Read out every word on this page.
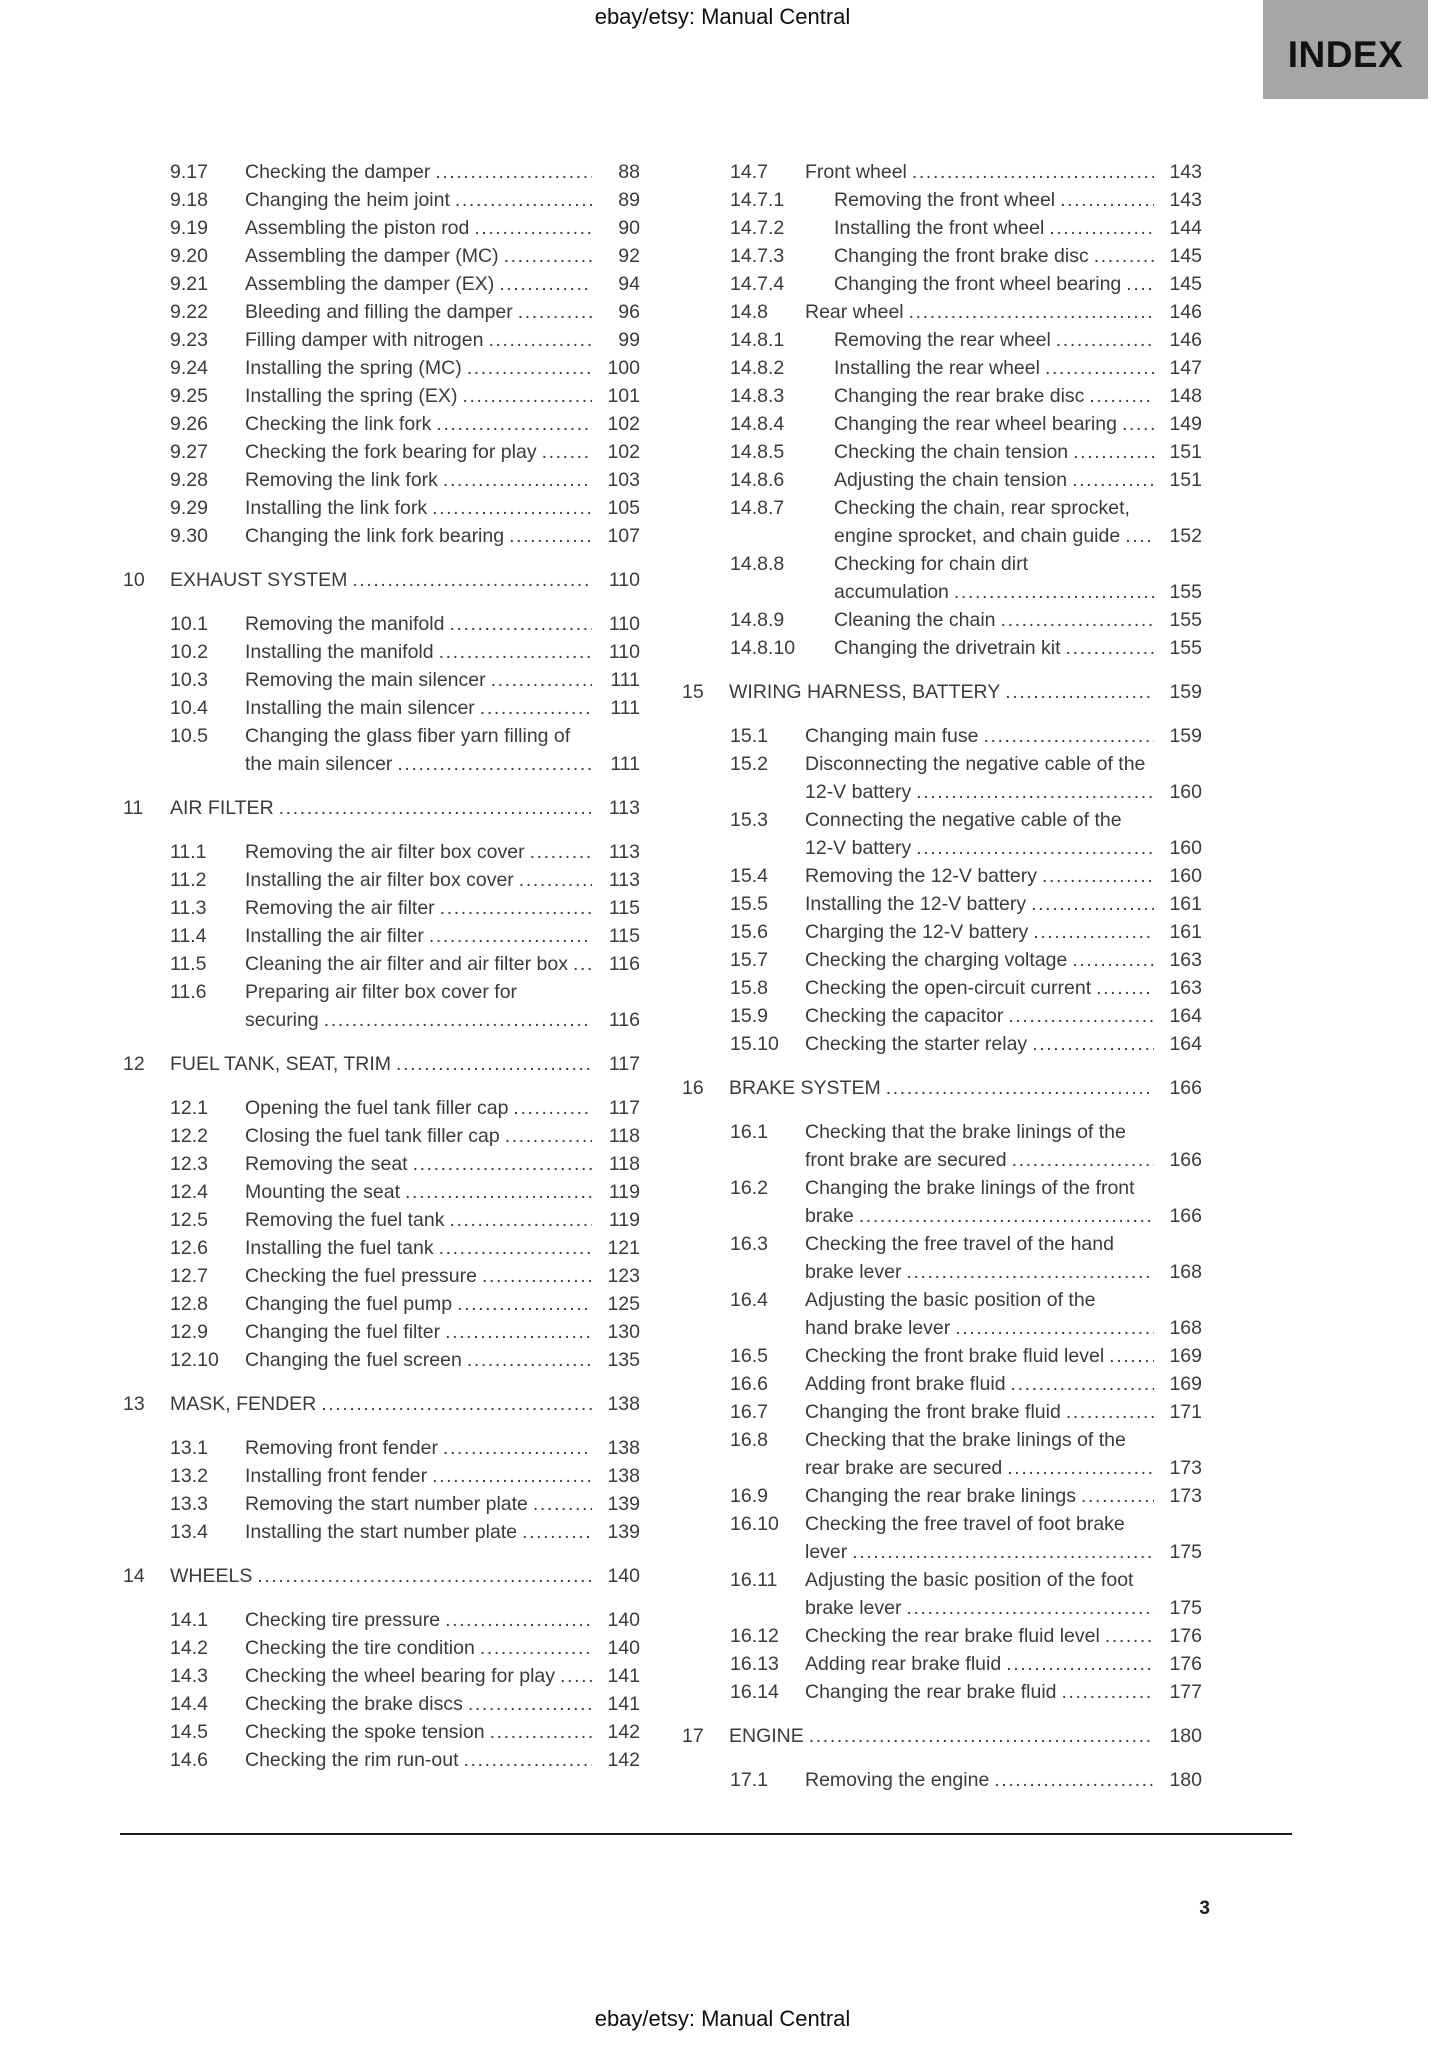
ebay/etsy: Manual Central
INDEX
9.17	Checking the damper .....	88
9.18	Changing the heim joint .....	89
9.19	Assembling the piston rod .....	90
9.20	Assembling the damper (MC) .....	92
9.21	Assembling the damper (EX) .....	94
9.22	Bleeding and filling the damper .....	96
9.23	Filling damper with nitrogen .....	99
9.24	Installing the spring (MC) .....	100
9.25	Installing the spring (EX) .....	101
9.26	Checking the link fork .....	102
9.27	Checking the fork bearing for play .....	102
9.28	Removing the link fork .....	103
9.29	Installing the link fork .....	105
9.30	Changing the link fork bearing .....	107
10	EXHAUST SYSTEM .....	110
10.1	Removing the manifold .....	110
10.2	Installing the manifold .....	110
10.3	Removing the main silencer .....	111
10.4	Installing the main silencer .....	111
10.5	Changing the glass fiber yarn filling of
the main silencer .....	111
11	AIR FILTER .....	113
11.1	Removing the air filter box cover .....	113
11.2	Installing the air filter box cover .....	113
11.3	Removing the air filter .....	115
11.4	Installing the air filter .....	115
11.5	Cleaning the air filter and air filter box .....	116
11.6	Preparing air filter box cover for
securing .....	116
12	FUEL TANK, SEAT, TRIM .....	117
12.1	Opening the fuel tank filler cap .....	117
12.2	Closing the fuel tank filler cap .....	118
12.3	Removing the seat .....	118
12.4	Mounting the seat .....	119
12.5	Removing the fuel tank .....	119
12.6	Installing the fuel tank .....	121
12.7	Checking the fuel pressure .....	123
12.8	Changing the fuel pump .....	125
12.9	Changing the fuel filter .....	130
12.10	Changing the fuel screen .....	135
13	MASK, FENDER .....	138
13.1	Removing front fender .....	138
13.2	Installing front fender .....	138
13.3	Removing the start number plate .....	139
13.4	Installing the start number plate .....	139
14	WHEELS .....	140
14.1	Checking tire pressure .....	140
14.2	Checking the tire condition .....	140
14.3	Checking the wheel bearing for play .....	141
14.4	Checking the brake discs .....	141
14.5	Checking the spoke tension .....	142
14.6	Checking the rim run-out .....	142
14.7	Front wheel .....	143
14.7.1	Removing the front wheel .....	143
14.7.2	Installing the front wheel .....	144
14.7.3	Changing the front brake disc .....	145
14.7.4	Changing the front wheel bearing .....	145
14.8	Rear wheel .....	146
14.8.1	Removing the rear wheel .....	146
14.8.2	Installing the rear wheel .....	147
14.8.3	Changing the rear brake disc .....	148
14.8.4	Changing the rear wheel bearing .....	149
14.8.5	Checking the chain tension .....	151
14.8.6	Adjusting the chain tension .....	151
14.8.7	Checking the chain, rear sprocket,
engine sprocket, and chain guide .....	152
14.8.8	Checking for chain dirt
accumulation .....	155
14.8.9	Cleaning the chain .....	155
14.8.10	Changing the drivetrain kit .....	155
15	WIRING HARNESS, BATTERY .....	159
15.1	Changing main fuse .....	159
15.2	Disconnecting the negative cable of the
12-V battery .....	160
15.3	Connecting the negative cable of the
12-V battery .....	160
15.4	Removing the 12-V battery .....	160
15.5	Installing the 12-V battery .....	161
15.6	Charging the 12-V battery .....	161
15.7	Checking the charging voltage .....	163
15.8	Checking the open-circuit current .....	163
15.9	Checking the capacitor .....	164
15.10	Checking the starter relay .....	164
16	BRAKE SYSTEM .....	166
16.1	Checking that the brake linings of the
front brake are secured .....	166
16.2	Changing the brake linings of the front
brake .....	166
16.3	Checking the free travel of the hand
brake lever .....	168
16.4	Adjusting the basic position of the
hand brake lever .....	168
16.5	Checking the front brake fluid level .....	169
16.6	Adding front brake fluid .....	169
16.7	Changing the front brake fluid .....	171
16.8	Checking that the brake linings of the
rear brake are secured .....	173
16.9	Changing the rear brake linings .....	173
16.10	Checking the free travel of foot brake
lever .....	175
16.11	Adjusting the basic position of the foot
brake lever .....	175
16.12	Checking the rear brake fluid level .....	176
16.13	Adding rear brake fluid .....	176
16.14	Changing the rear brake fluid .....	177
17	ENGINE .....	180
17.1	Removing the engine .....	180
3
ebay/etsy: Manual Central
